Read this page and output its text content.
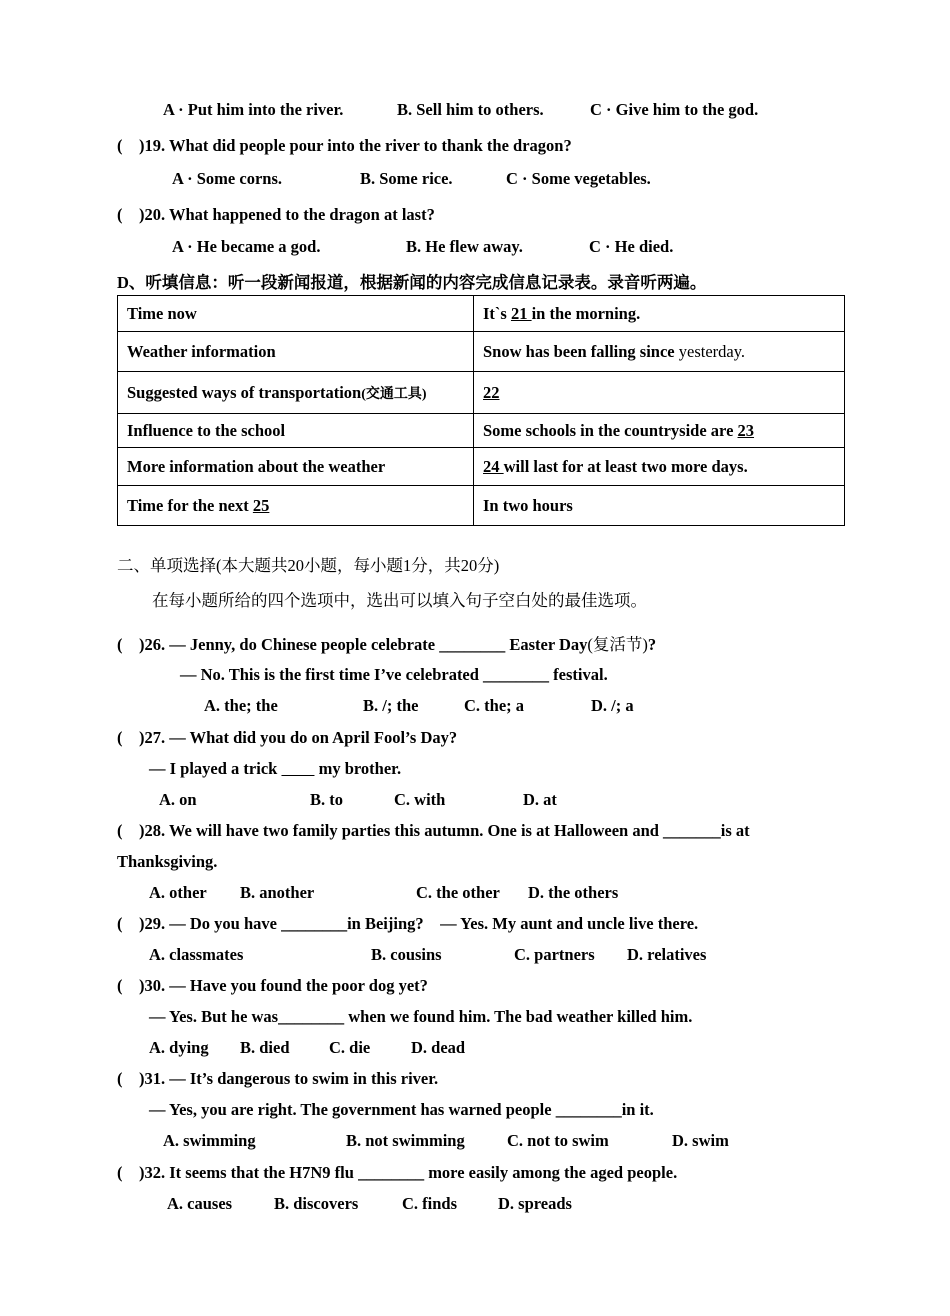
A · Put him into the river.	B. Sell him to others.	C · Give him to the god.
(    )19. What did people pour into the river to thank the dragon?
A · Some corns.	B. Some rice.	C · Some vegetables.
(    )20. What happened to the dragon at last?
A · He became a god.	B. He flew away.	C · He died.
D、听填信息：听一段新闻报道，根据新闻的内容完成信息记录表。录音听两遍。
Time now	It`s 21 in the morning.
Weather information	Snow has been falling since yesterday.
Suggested ways of transportation(交通工具)	22
Influence to the school	Some schools in the countryside are 23
More information about the weather	24 will last for at least two more days.
Time for the next 25	In two hours
二、单项选择(本大题共20小题，每小题1分，共20分)
在每小题所给的四个选项中，选出可以填入句子空白处的最佳选项。
(    )26. — Jenny, do Chinese people celebrate ________ Easter Day(复活节)?
— No. This is the first time I’ve celebrated ________ festival.
A. the; the	B. /; the	C. the; a	D. /; a
(    )27. — What did you do on April Fool’s Day?
— I played a trick          my brother.
A. on	B. to	C. with	D. at
(    )28. We will have two family parties this autumn. One is at Halloween and _______is at
Thanksgiving.
A. other B. another	C. the other D. the others
(    )29. — Do you have ________in Beijing?    — Yes. My aunt and uncle live there.
A. classmates	B. cousins	C. partners D. relatives
(    )30. — Have you found the poor dog yet?
— Yes. But he was________ when we found him. The bad weather killed him.
A. dying B. died C. die D. dead
(    )31. — It’s dangerous to swim in this river.
— Yes, you are right. The government has warned people ________in it.
A. swimming	B. not swimming	C. not to swim	D. swim
(    )32. It seems that the H7N9 flu ________ more easily among the aged people.
A. causes	B. discovers	C. finds D. spreads
